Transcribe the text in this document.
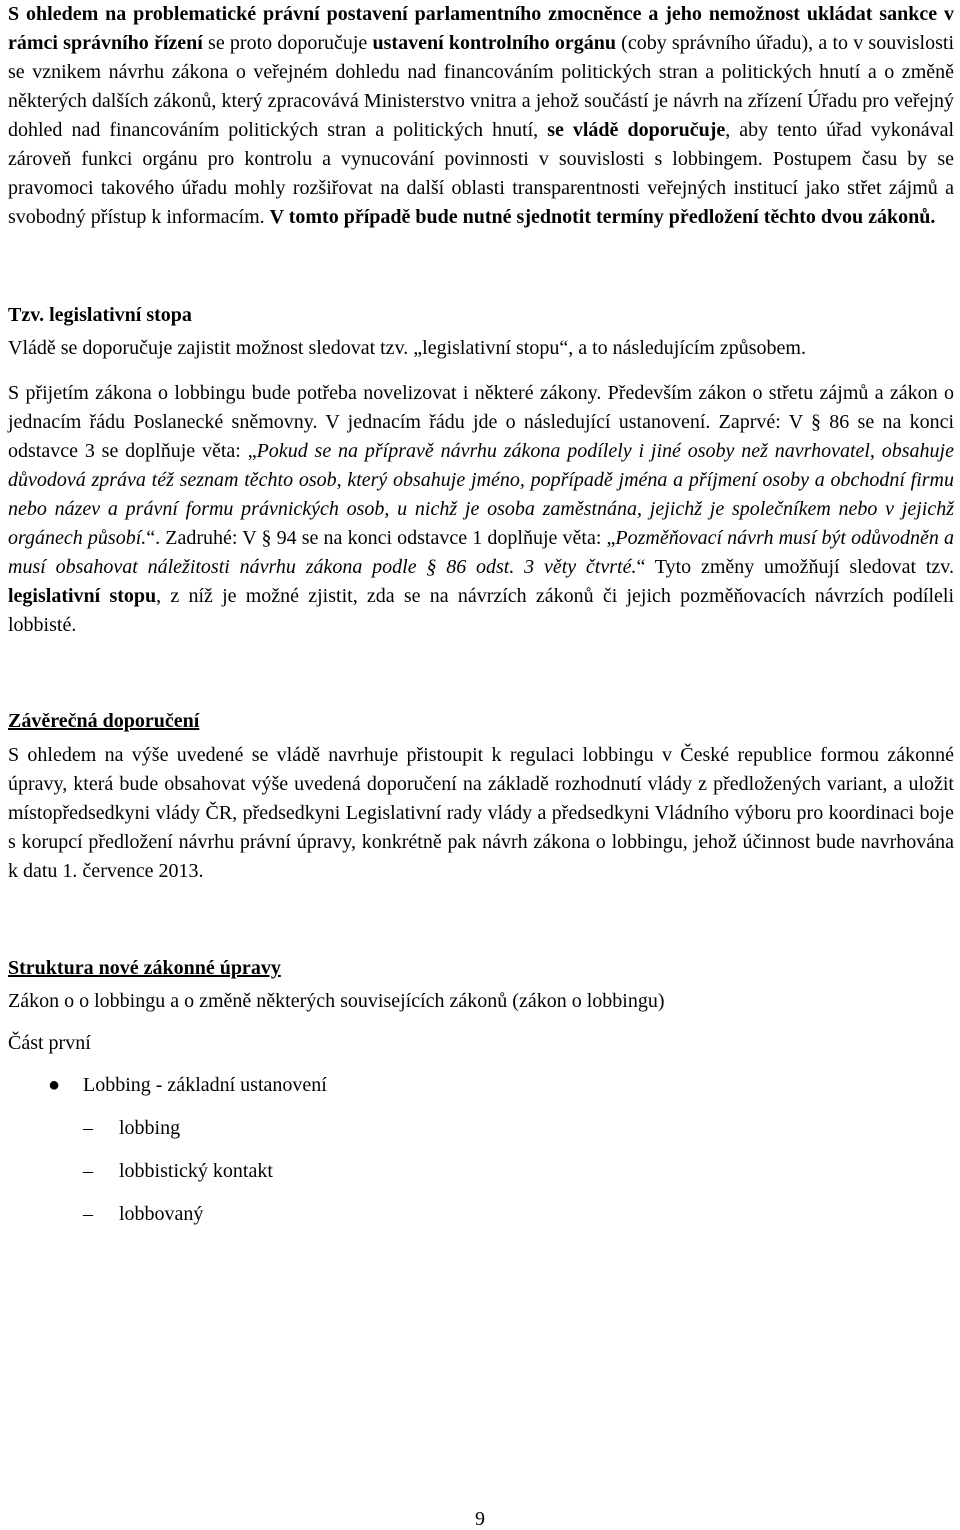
S ohledem na problematické právní postavení parlamentního zmocněnce a jeho nemožnost ukládat sankce v rámci správního řízení se proto doporučuje ustavení kontrolního orgánu (coby správního úřadu), a to v souvislosti se vznikem návrhu zákona o veřejném dohledu nad financováním politických stran a politických hnutí a o změně některých dalších zákonů, který zpracovává Ministerstvo vnitra a jehož součástí je návrh na zřízení Úřadu pro veřejný dohled nad financováním politických stran a politických hnutí, se vládě doporučuje, aby tento úřad vykonával zároveň funkci orgánu pro kontrolu a vynucování povinnosti v souvislosti s lobbingem. Postupem času by se pravomoci takového úřadu mohly rozšiřovat na další oblasti transparentnosti veřejných institucí jako střet zájmů a svobodný přístup k informacím. V tomto případě bude nutné sjednotit termíny předložení těchto dvou zákonů.

Tzv. legislativní stopa

Vládě se doporučuje zajistit možnost sledovat tzv. „legislativní stopu“, a to následujícím způsobem.

S přijetím zákona o lobbingu bude potřeba novelizovat i některé zákony. Především zákon o střetu zájmů a zákon o jednacím řádu Poslanecké sněmovny. V jednacím řádu jde o následující ustanovení. Zaprvé: V § 86 se na konci odstavce 3 se doplňuje věta: „Pokud se na přípravě návrhu zákona podílely i jiné osoby než navrhovatel, obsahuje důvodová zpráva též seznam těchto osob, který obsahuje jméno, popřípadě jména a příjmení osoby a obchodní firmu nebo název a právní formu právnických osob, u nichž je osoba zaměstnána, jejichž je společníkem nebo v jejichž orgánech působí.“. Zadruhé: V § 94 se na konci odstavce 1 doplňuje věta: „Pozměňovací návrh musí být odůvodněn a musí obsahovat náležitosti návrhu zákona podle § 86 odst. 3 věty čtvrté.“ Tyto změny umožňují sledovat tzv. legislativní stopu, z níž je možné zjistit, zda se na návrzích zákonů či jejich pozměňovacích návrzích podíleli lobbisté.

Závěrečná doporučení

S ohledem na výše uvedené se vládě navrhuje přistoupit k regulaci lobbingu v České republice formou zákonné úpravy, která bude obsahovat výše uvedená doporučení na základě rozhodnutí vlády z předložených variant, a uložit místopředsedkyni vlády ČR, předsedkyni Legislativní rady vlády a předsedkyni Vládního výboru pro koordinaci boje s korupcí předložení návrhu právní úpravy, konkrétně pak návrh zákona o lobbingu, jehož účinnost bude navrhována k datu 1. července 2013.

Struktura nové zákonné úpravy

Zákon o o lobbingu a o změně některých souvisejících zákonů (zákon o lobbingu)

Část první

● Lobbing - základní ustanovení
– lobbing
– lobbistický kontakt
– lobbovaný
9
